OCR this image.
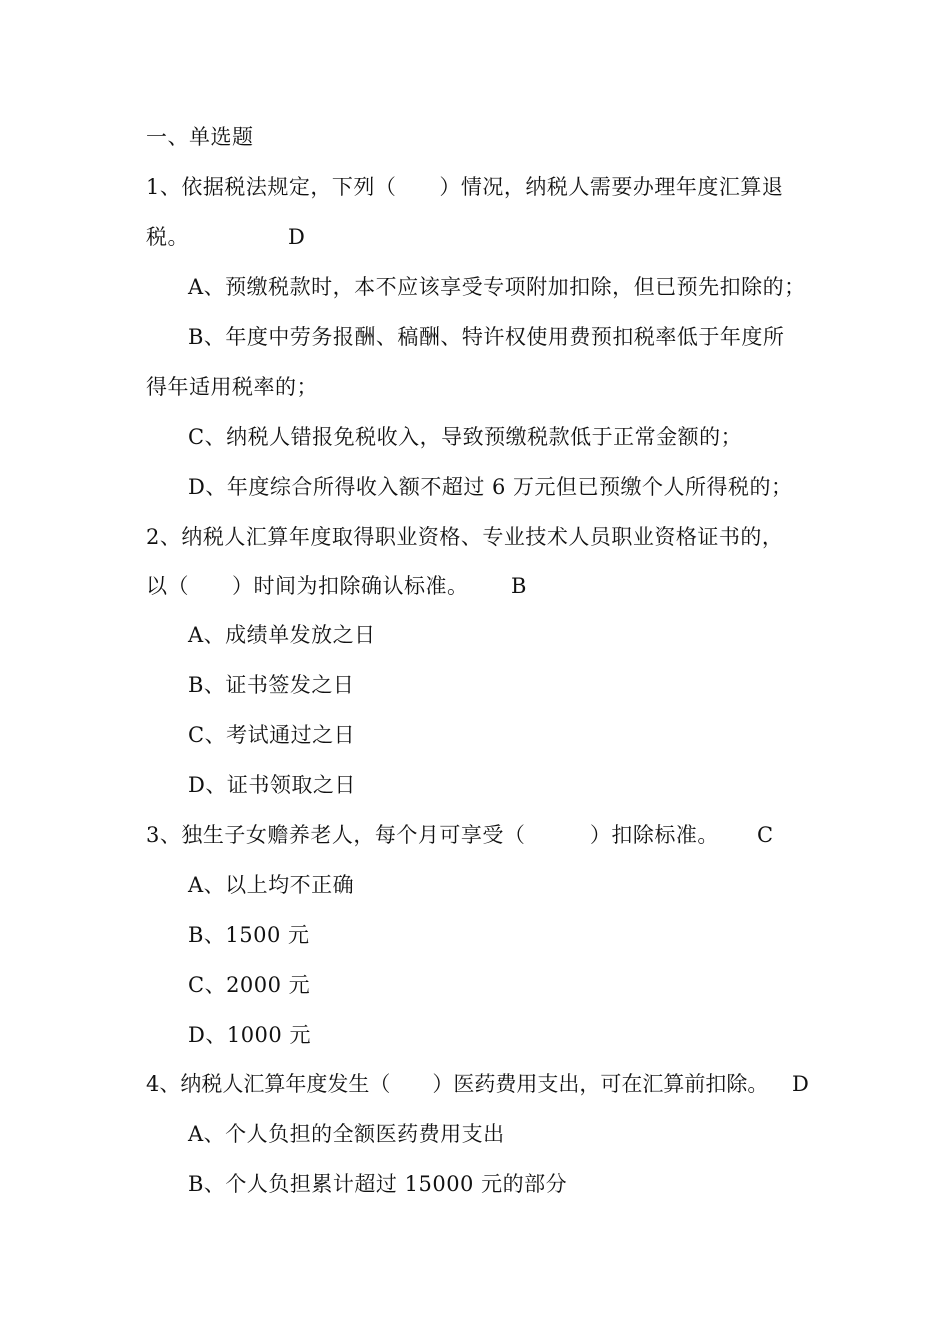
一、单选题
1、依据税法规定，下列（　　）情况，纳税人需要办理年度汇算退
税。	D
A、预缴税款时，本不应该享受专项附加扣除，但已预先扣除的；
B、年度中劳务报酬、稿酬、特许权使用费预扣税率低于年度所
得年适用税率的；
C、纳税人错报免税收入，导致预缴税款低于正常金额的；
D、年度综合所得收入额不超过 6 万元但已预缴个人所得税的；
2、纳税人汇算年度取得职业资格、专业技术人员职业资格证书的，
以（　　）时间为扣除确认标准。 B
A、成绩单发放之日
B、证书签发之日
C、考试通过之日
D、证书领取之日
3、独生子女赡养老人，每个月可享受（　　　）扣除标准。 C
A、以上均不正确
B、1500 元
C、2000 元
D、1000 元
4、纳税人汇算年度发生（　　）医药费用支出，可在汇算前扣除。 D
A、个人负担的全额医药费用支出
B、个人负担累计超过 15000 元的部分
